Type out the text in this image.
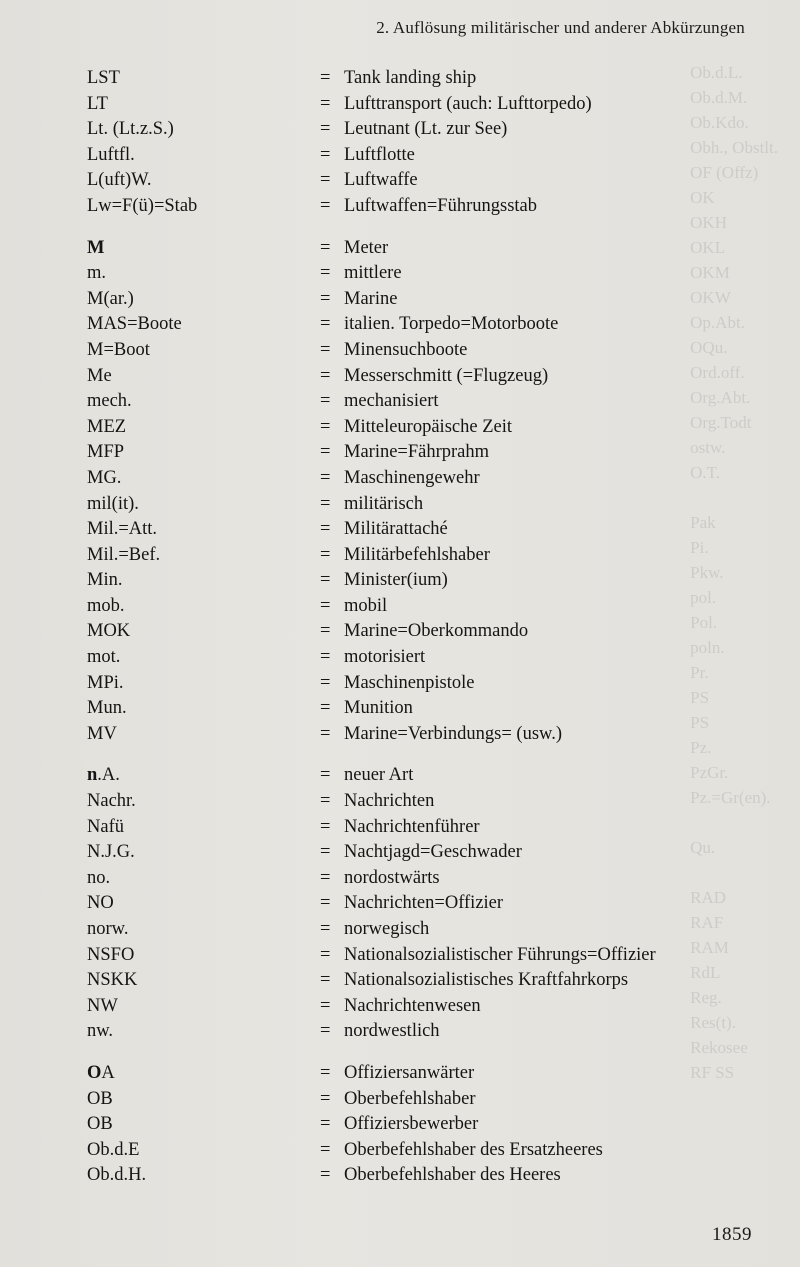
Ob.d.L.
Ob.d.M.
Ob.Kdo.
Obh., Obstlt.
OF (Offz)
OK
OKH
OKL
OKM
OKW
Op.Abt.
OQu.
Ord.off.
Org.Abt.
Org.Todt
ostw.
O.T.

Pak
Pi.
Pkw.
pol.
Pol.
poln.
Pr.
PS
PS
Pz.
PzGr.
Pz.=Gr(en).

Qu.

RAD
RAF
RAM
RdL
Reg.
Res(t).
Rekosee
RF SS
2. Auflösung militärischer und anderer Abkürzungen
LST	= Tank landing ship
LT	= Lufttransport (auch: Lufttorpedo)
Lt. (Lt.z.S.)	= Leutnant (Lt. zur See)
Luftfl.	= Luftflotte
L(uft)W.	= Luftwaffe
Lw=F(ü)=Stab	= Luftwaffen=Führungsstab
M	= Meter
m.	= mittlere
M(ar.)	= Marine
MAS=Boote	= italien. Torpedo=Motorboote
M=Boot	= Minensuchboote
Me	= Messerschmitt (=Flugzeug)
mech.	= mechanisiert
MEZ	= Mitteleuropäische Zeit
MFP	= Marine=Fährprahm
MG.	= Maschinengewehr
mil(it).	= militärisch
Mil.=Att.	= Militärattaché
Mil.=Bef.	= Militärbefehlshaber
Min.	= Minister(ium)
mob.	= mobil
MOK	= Marine=Oberkommando
mot.	= motorisiert
MPi.	= Maschinenpistole
Mun.	= Munition
MV	= Marine=Verbindungs= (usw.)
n.A.	= neuer Art
Nachr.	= Nachrichten
Nafü	= Nachrichtenführer
N.J.G.	= Nachtjagd=Geschwader
no.	= nordostwärts
NO	= Nachrichten=Offizier
norw.	= norwegisch
NSFO	= Nationalsozialistischer Führungs=Offizier
NSKK	= Nationalsozialistisches Kraftfahrkorps
NW	= Nachrichtenwesen
nw.	= nordwestlich
OA	= Offiziersanwärter
OB	= Oberbefehlshaber
OB	= Offiziersbewerber
Ob.d.E	= Oberbefehlshaber des Ersatzheeres
Ob.d.H.	= Oberbefehlshaber des Heeres
1859
